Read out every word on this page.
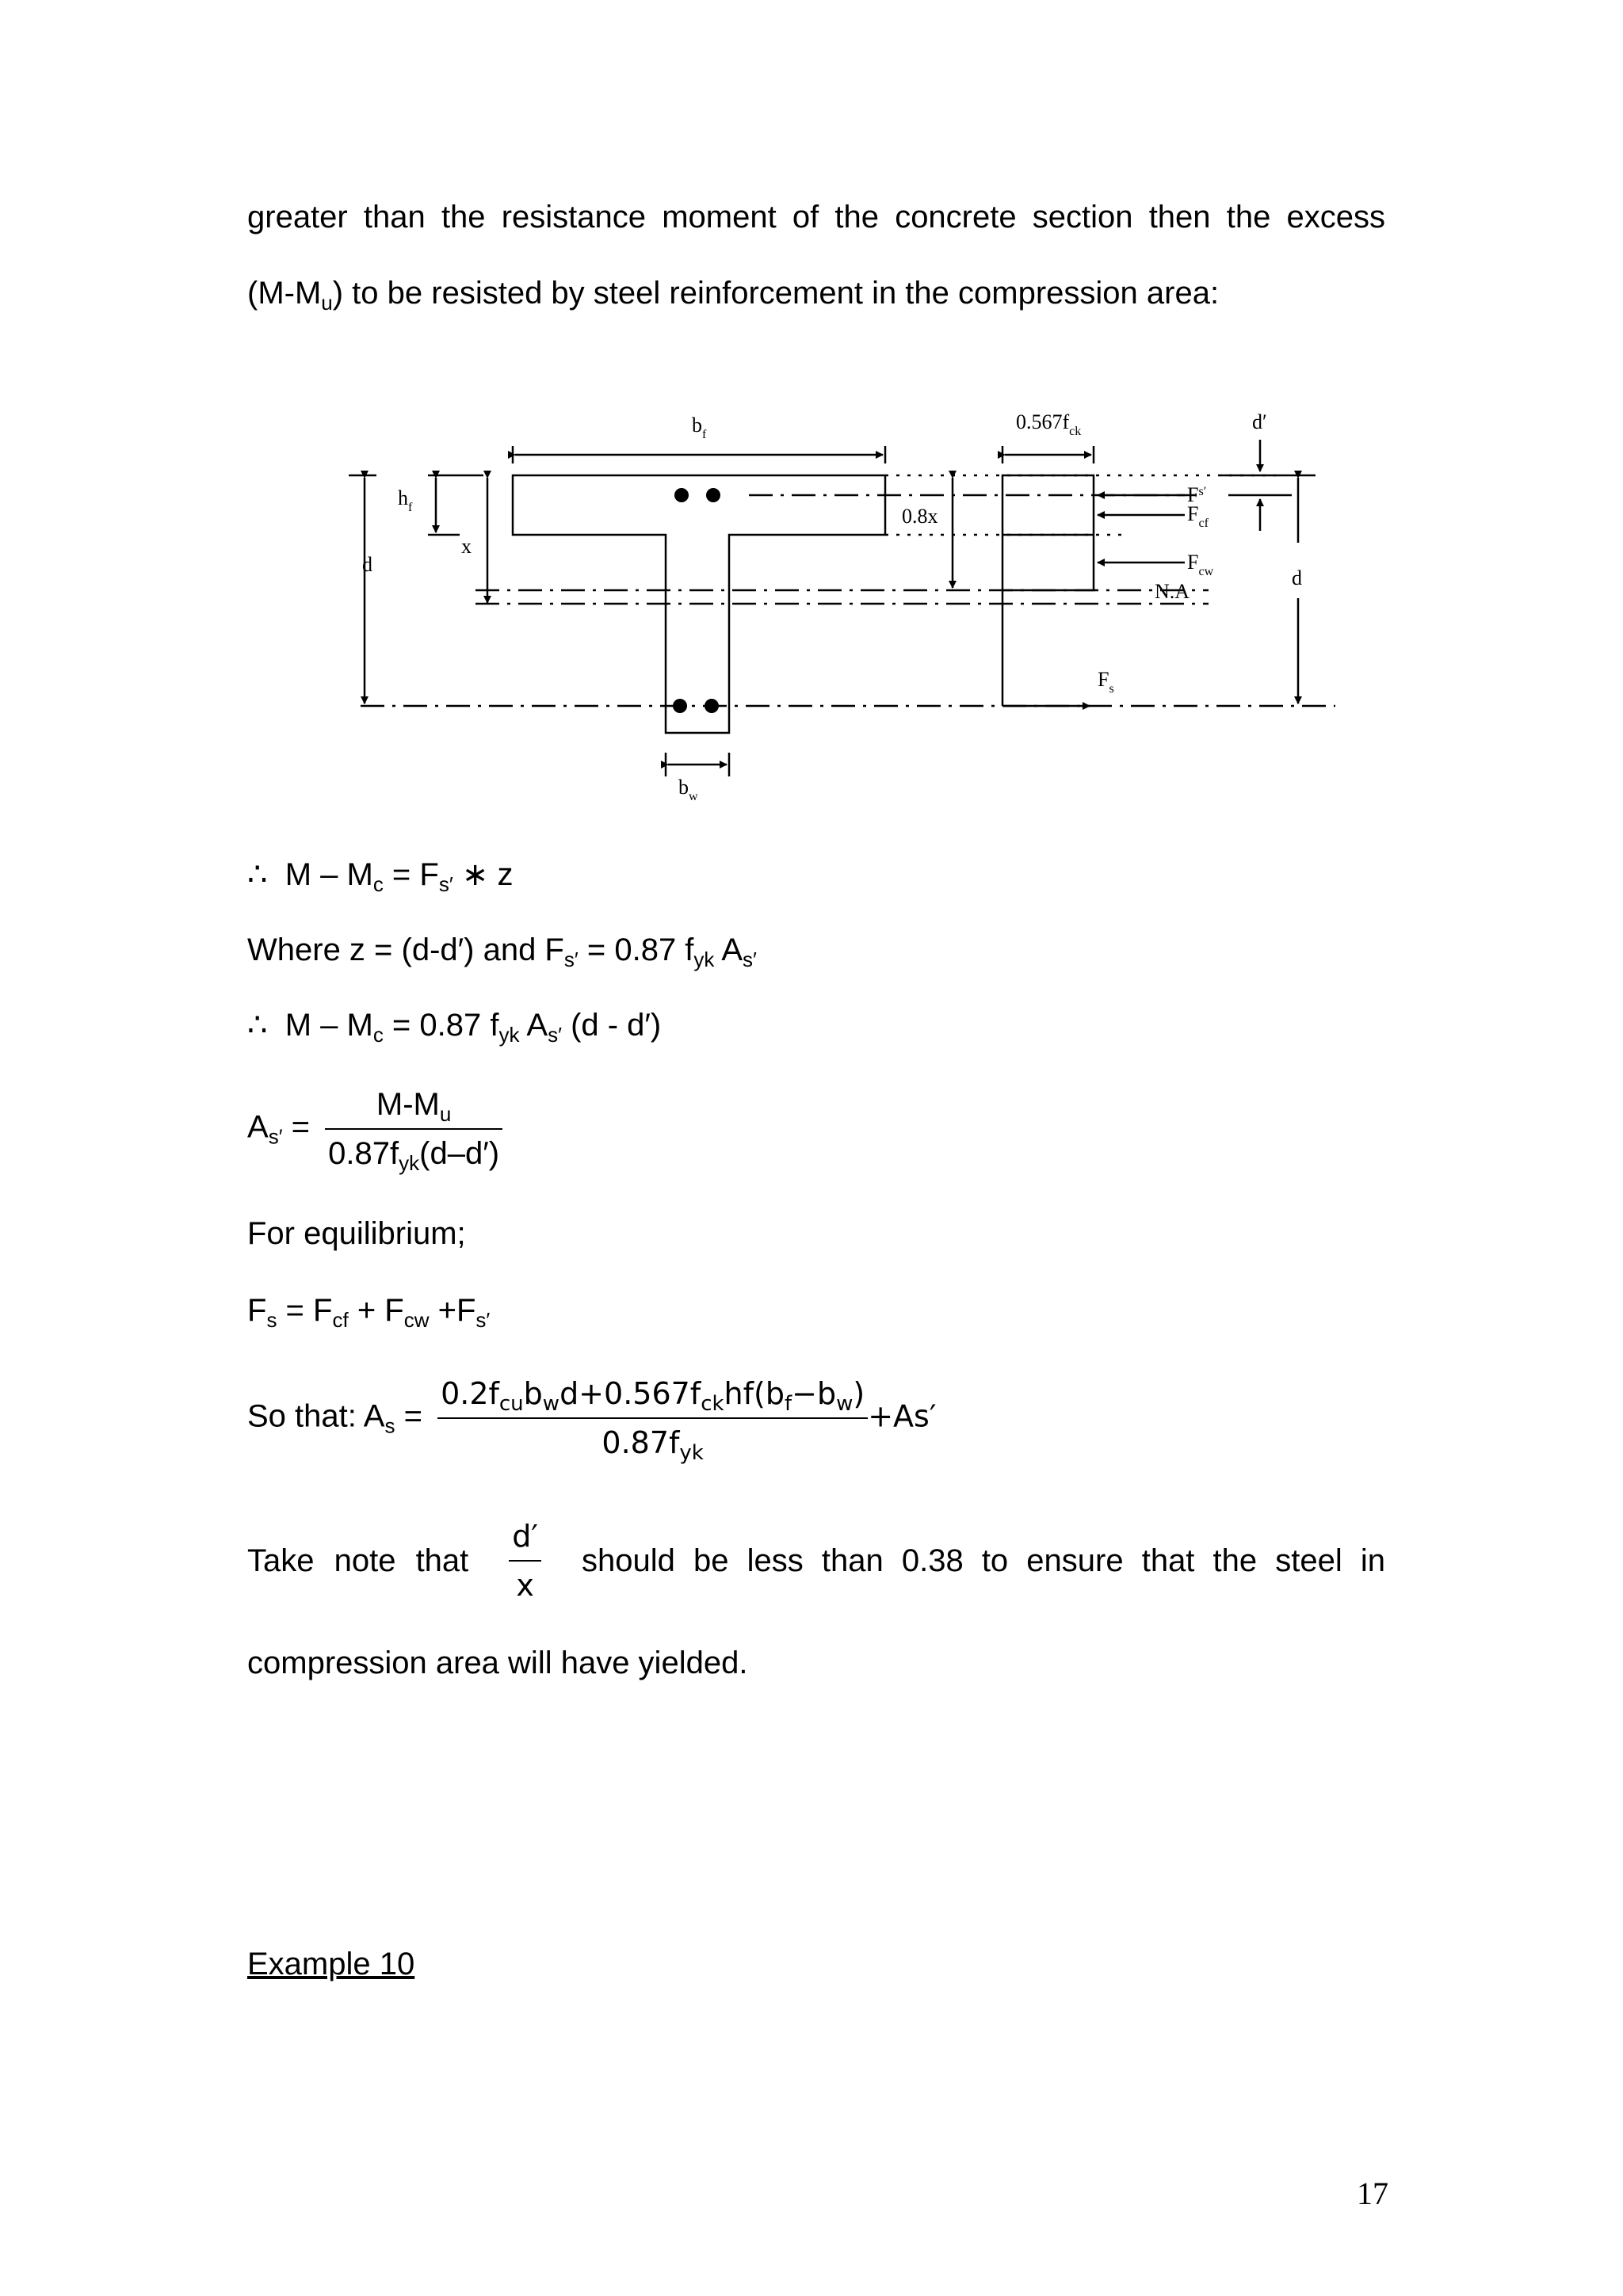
greater than the resistance moment of the concrete section then the excess
$(M-M_u)$ to be resisted by steel reinforcement in the compression area:
$b_f$
$h_f$
x
d
$b_w$
0.8x
$0.567f_{ck}$	d′
$F^{s'}$
$F_{cf}$
$F_{cw}$
N.A
$F_s$
d
∴ $M - M_c = F_{s'}$ ∗ z
Where z = (d-d′) and $F_{s'} = 0.87$ $f_{yk}$ $A_{s'}$
∴ $M - M_c = 0.87$ $f_{yk}$ $A_{s'}$ (d - d′)
$A_{s'} = \frac{M-M_u}{0.87f_{yk}(d-d')}$
For equilibrium;
$F_s = F_{cf} + F_{cw} +F_{s'}$
So that: $A_s = \frac{0.2f_{cu}b_wd+0.567f_{ck}hf(b_f-b_w)}{0.87f_{yk}} +As'$
Take note that $\frac{d'}{x}$ should be less than 0.38 to ensure that the steel in
compression area will have yielded.
Example 10
17
